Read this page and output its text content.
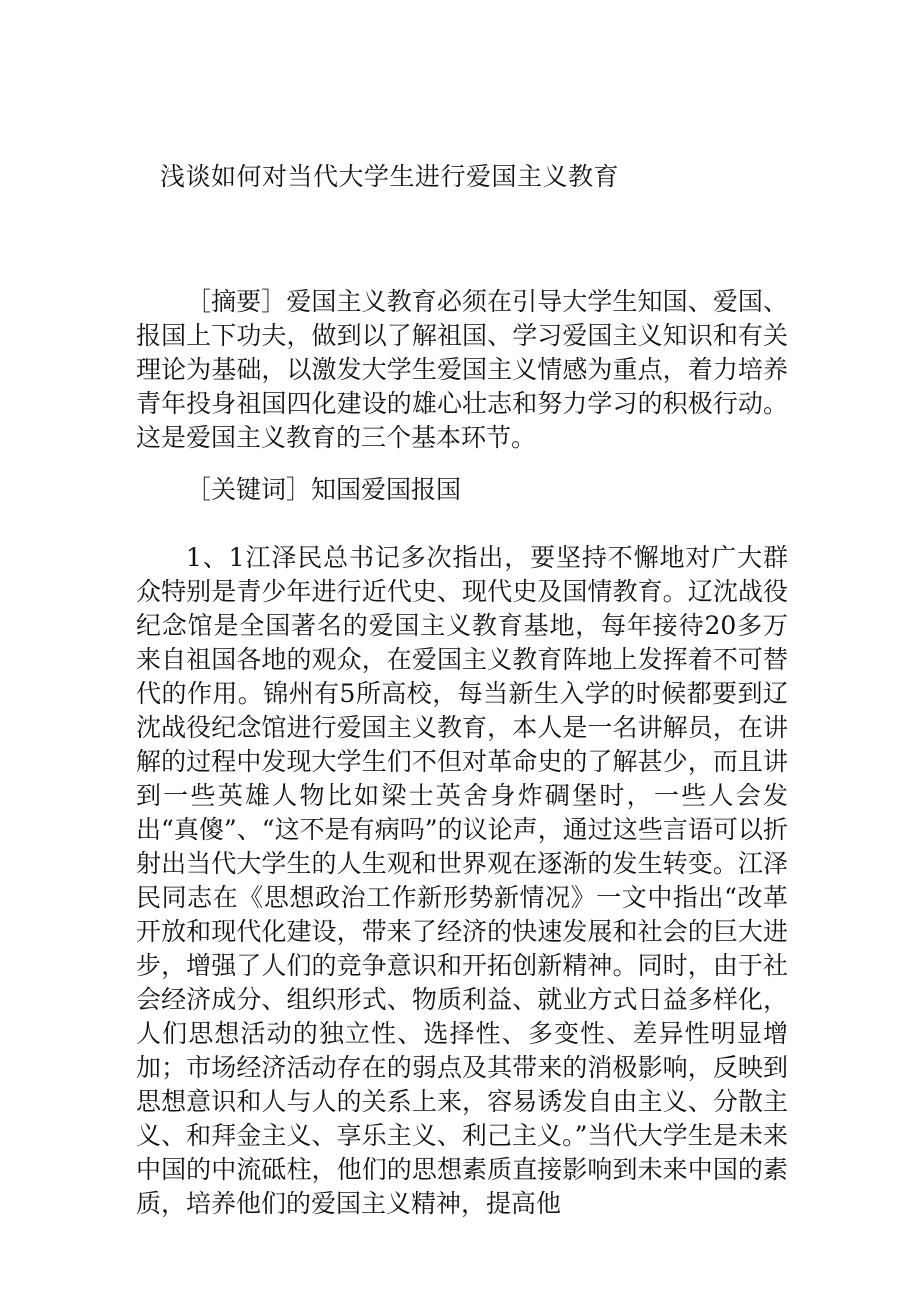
浅谈如何对当代大学生进行爱国主义教育

［摘要］爱国主义教育必须在引导大学生知国、爱国、报国上下功夫，做到以了解祖国、学习爱国主义知识和有关理论为基础，以激发大学生爱国主义情感为重点，着力培养青年投身祖国四化建设的雄心壮志和努力学习的积极行动。这是爱国主义教育的三个基本环节。

［关键词］知国爱国报国

1、1江泽民总书记多次指出，要坚持不懈地对广大群众特别是青少年进行近代史、现代史及国情教育。辽沈战役纪念馆是全国著名的爱国主义教育基地，每年接待20多万来自祖国各地的观众，在爱国主义教育阵地上发挥着不可替代的作用。锦州有5所高校，每当新生入学的时候都要到辽沈战役纪念馆进行爱国主义教育，本人是一名讲解员，在讲解的过程中发现大学生们不但对革命史的了解甚少，而且讲到一些英雄人物比如梁士英舍身炸碉堡时，一些人会发出“真傻”、“这不是有病吗”的议论声，通过这些言语可以折射出当代大学生的人生观和世界观在逐渐的发生转变。江泽民同志在《思想政治工作新形势新情况》一文中指出“改革开放和现代化建设，带来了经济的快速发展和社会的巨大进步，增强了人们的竞争意识和开拓创新精神。同时，由于社会经济成分、组织形式、物质利益、就业方式日益多样化，人们思想活动的独立性、选择性、多变性、差异性明显增加；市场经济活动存在的弱点及其带来的消极影响，反映到思想意识和人与人的关系上来，容易诱发自由主义、分散主义、和拜金主义、享乐主义、利己主义。”当代大学生是未来中国的中流砥柱，他们的思想素质直接影响到未来中国的素质，培养他们的爱国主义精神，提高他
